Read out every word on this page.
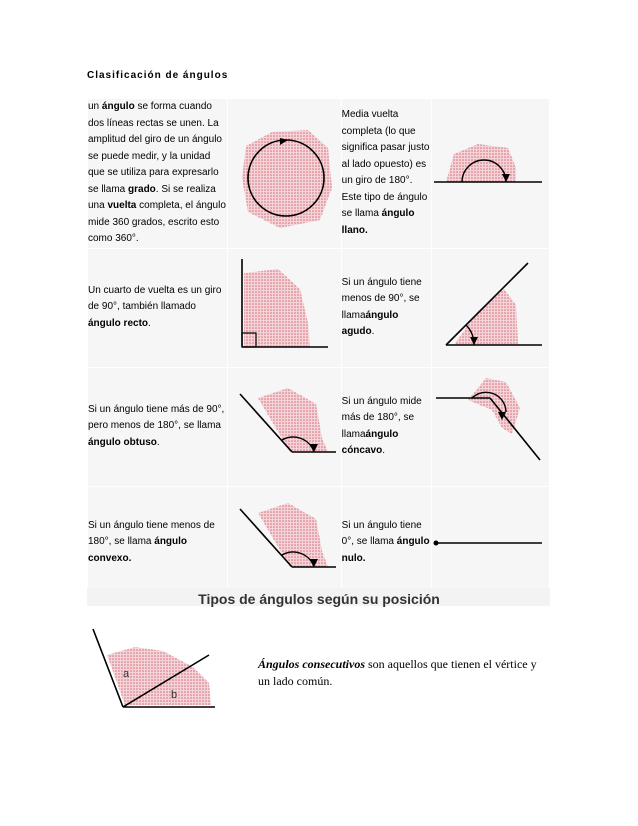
Clasificación de ángulos
un ángulo se forma cuando dos líneas rectas se unen. La amplitud del giro de un ángulo se puede medir, y la unidad que se utiliza para expresarlo se llama grado. Si se realiza una vuelta completa, el ángulo mide 360 grados, escrito esto como 360°.		Media vuelta completa (lo que significa pasar justo al lado opuesto) es un giro de 180°. Este tipo de ángulo se llama ángulo llano.

Un cuarto de vuelta es un giro de 90°, también llamado ángulo recto.		Si un ángulo tiene menos de 90°, se llamaángulo agudo.

Si un ángulo tiene más de 90°, pero menos de 180°, se llama ángulo obtuso.		Si un ángulo mide más de 180°, se llamaángulo cóncavo.

Si un ángulo tiene menos de 180°, se llama ángulo convexo.		Si un ángulo tiene 0°, se llama ángulo nulo.

Tipos de ángulos según su posición
a
b
Ángulos consecutivos son aquellos que tienen el vértice y un lado común.
